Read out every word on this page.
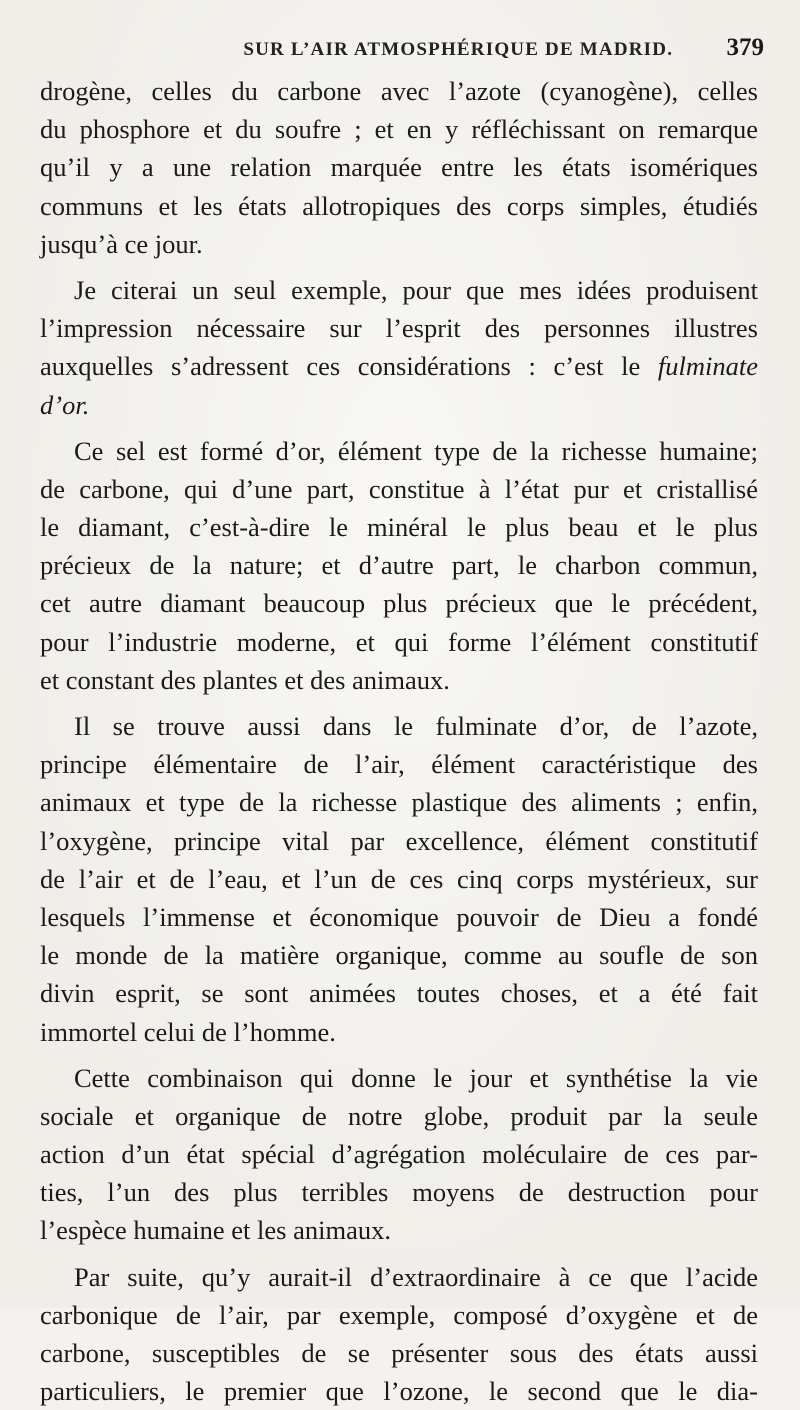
SUR L’AIR ATMOSPHÉRIQUE DE MADRID.	379
drogène, celles du carbone avec l’azote (cyanogène), celles
du phosphore et du soufre ; et en y réfléchissant on remarque
qu’il y a une relation marquée entre les états isomériques
communs et les états allotropiques des corps simples, étudiés
jusqu’à ce jour.
Je citerai un seul exemple, pour que mes idées produisent
l’impression nécessaire sur l’esprit des personnes illustres
auxquelles s’adressent ces considérations : c’est le fulminate
d’or.
Ce sel est formé d’or, élément type de la richesse humaine;
de carbone, qui d’une part, constitue à l’état pur et cristallisé
le diamant, c’est-à-dire le minéral le plus beau et le plus
précieux de la nature; et d’autre part, le charbon commun,
cet autre diamant beaucoup plus précieux que le précédent,
pour l’industrie moderne, et qui forme l’élément constitutif
et constant des plantes et des animaux.
Il se trouve aussi dans le fulminate d’or, de l’azote,
principe élémentaire de l’air, élément caractéristique des
animaux et type de la richesse plastique des aliments ; enfin,
l’oxygène, principe vital par excellence, élément constitutif
de l’air et de l’eau, et l’un de ces cinq corps mystérieux, sur
lesquels l’immense et économique pouvoir de Dieu a fondé
le monde de la matière organique, comme au soufle de son
divin esprit, se sont animées toutes choses, et a été fait
immortel celui de l’homme.
Cette combinaison qui donne le jour et synthétise la vie
sociale et organique de notre globe, produit par la seule
action d’un état spécial d’agrégation moléculaire de ces par-
ties, l’un des plus terribles moyens de destruction pour
l’espèce humaine et les animaux.
Par suite, qu’y aurait-il d’extraordinaire à ce que l’acide
carbonique de l’air, par exemple, composé d’oxygène et de
carbone, susceptibles de se présenter sous des états aussi
particuliers, le premier que l’ozone, le second que le dia-
